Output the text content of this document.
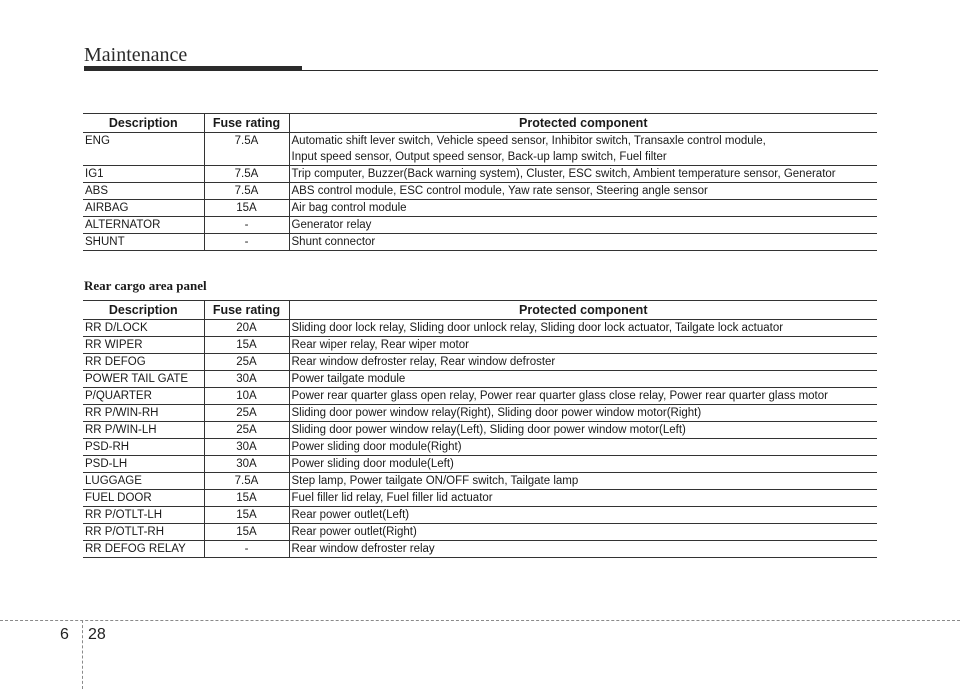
Maintenance
Description	Fuse rating	Protected component
ENG	7.5A	Automatic shift lever switch, Vehicle speed sensor, Inhibitor switch, Transaxle control module,
Input speed sensor, Output speed sensor, Back-up lamp switch, Fuel filter

IG1	7.5A	Trip computer, Buzzer(Back warning system), Cluster, ESC switch, Ambient temperature sensor, Generator
ABS	7.5A	ABS control module, ESC control module, Yaw rate sensor, Steering angle sensor
AIRBAG	15A	Air bag control module
ALTERNATOR	-	Generator relay
SHUNT	-	Shunt connector
Rear cargo area panel
Description	Fuse rating	Protected component
RR D/LOCK	20A	Sliding door lock relay, Sliding door unlock relay, Sliding door lock actuator, Tailgate lock actuator
RR WIPER	15A	Rear wiper relay, Rear wiper motor
RR DEFOG	25A	Rear window defroster relay, Rear window defroster
POWER TAIL GATE	30A	Power tailgate module
P/QUARTER	10A	Power rear quarter glass open relay, Power rear quarter glass close relay, Power rear quarter glass motor
RR P/WIN-RH	25A	Sliding door power window relay(Right), Sliding door power window motor(Right)
RR P/WIN-LH	25A	Sliding door power window relay(Left), Sliding door power window motor(Left)
PSD-RH	30A	Power sliding door module(Right)
PSD-LH	30A	Power sliding door module(Left)
LUGGAGE	7.5A	Step lamp, Power tailgate ON/OFF switch, Tailgate lamp
FUEL DOOR	15A	Fuel filler lid relay, Fuel filler lid actuator
RR P/OTLT-LH	15A	Rear power outlet(Left)
RR P/OTLT-RH	15A	Rear power outlet(Right)
RR DEFOG RELAY	-	Rear window defroster relay
6 28
